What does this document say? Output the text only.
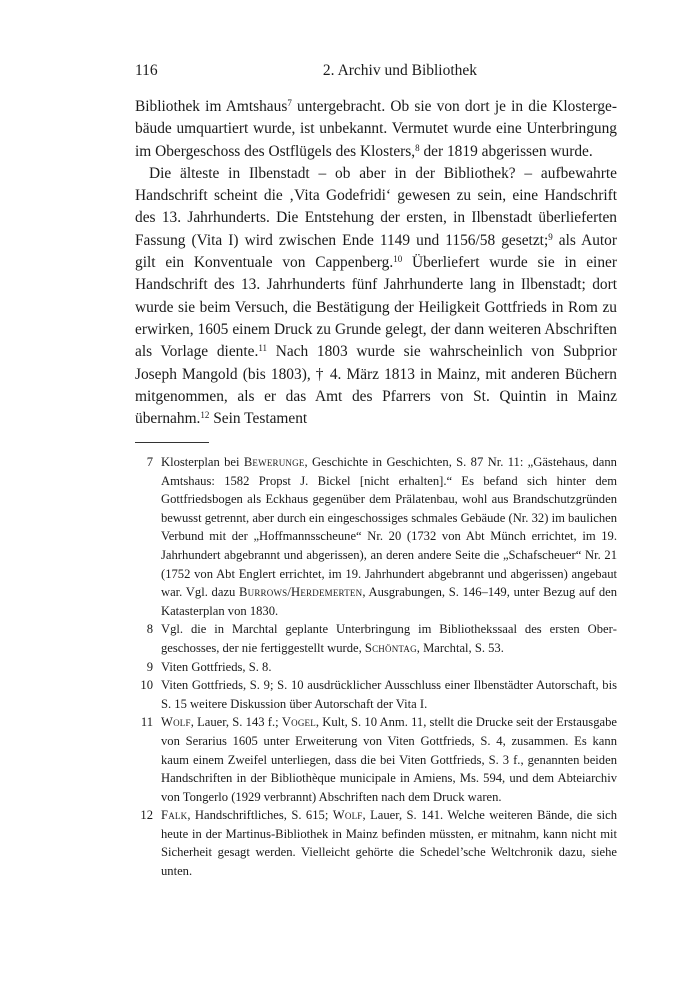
116	2. Archiv und Bibliothek

Bibliothek im Amtshaus$^7$ untergebracht. Ob sie von dort je in die Klostergebäude umquartiert wurde, ist unbekannt. Vermutet wurde eine Unterbringung im Obergeschoss des Ostflügels des Klosters,$^8$ der 1819 abgerissen wurde.

Die älteste in Ilbenstadt – ob aber in der Bibliothek? – aufbewahrte Handschrift scheint die ‚Vita Godefridi‘ gewesen zu sein, eine Handschrift des 13. Jahrhunderts. Die Entstehung der ersten, in Ilbenstadt überlieferten Fassung (Vita I) wird zwischen Ende 1149 und 1156/58 gesetzt;$^9$ als Autor gilt ein Konventuale von Cappenberg.$^{10}$ Überliefert wurde sie in einer Handschrift des 13. Jahrhunderts fünf Jahrhunderte lang in Ilbenstadt; dort wurde sie beim Versuch, die Bestätigung der Heiligkeit Gottfrieds in Rom zu erwirken, 1605 einem Druck zu Grunde gelegt, der dann weiteren Abschriften als Vorlage diente.$^{11}$ Nach 1803 wurde sie wahrscheinlich von Subprior Joseph Mangold (bis 1803), † 4. März 1813 in Mainz, mit anderen Büchern mitgenommen, als er das Amt des Pfarrers von St. Quintin in Mainz übernahm.$^{12}$ Sein Testament

7 Klosterplan bei Bewerunge, Geschichte in Geschichten, S. 87 Nr. 11: „Gästehaus, dann Amtshaus: 1582 Propst J. Bickel [nicht erhalten].“ Es befand sich hinter dem Gottfriedsbogen als Eckhaus gegenüber dem Prälatenbau, wohl aus Brandschutzgründen bewusst getrennt, aber durch ein eingeschossiges schmales Gebäude (Nr. 32) im baulichen Verbund mit der „Hoffmannsscheune“ Nr. 20 (1732 von Abt Münch errichtet, im 19. Jahrhundert abgebrannt und abgerissen), an deren andere Seite die „Schafscheuer“ Nr. 21 (1752 von Abt Englert errichtet, im 19. Jahrhundert abgebrannt und abgerissen) angebaut war. Vgl. dazu Burrows/Herdemerten, Ausgrabungen, S. 146–149, unter Bezug auf den Katasterplan von 1830.
8 Vgl. die in Marchtal geplante Unterbringung im Bibliothekssaal des ersten Obergeschosses, der nie fertiggestellt wurde, Schöntag, Marchtal, S. 53.
9 Viten Gottfrieds, S. 8.
10 Viten Gottfrieds, S. 9; S. 10 ausdrücklicher Ausschluss einer Ilbenstädter Autorschaft, bis S. 15 weitere Diskussion über Autorschaft der Vita I.
11 Wolf, Lauer, S. 143 f.; Vogel, Kult, S. 10 Anm. 11, stellt die Drucke seit der Erstausgabe von Serarius 1605 unter Erweiterung von Viten Gottfrieds, S. 4, zusammen. Es kann kaum einem Zweifel unterliegen, dass die bei Viten Gottfrieds, S. 3 f., genannten beiden Handschriften in der Bibliothèque municipale in Amiens, Ms. 594, und dem Abteiarchiv von Tongerlo (1929 verbrannt) Abschriften nach dem Druck waren.
12 Falk, Handschriftliches, S. 615; Wolf, Lauer, S. 141. Welche weiteren Bände, die sich heute in der Martinus-Bibliothek in Mainz befinden müssten, er mitnahm, kann nicht mit Sicherheit gesagt werden. Vielleicht gehörte die Schedel’sche Weltchronik dazu, siehe unten.
